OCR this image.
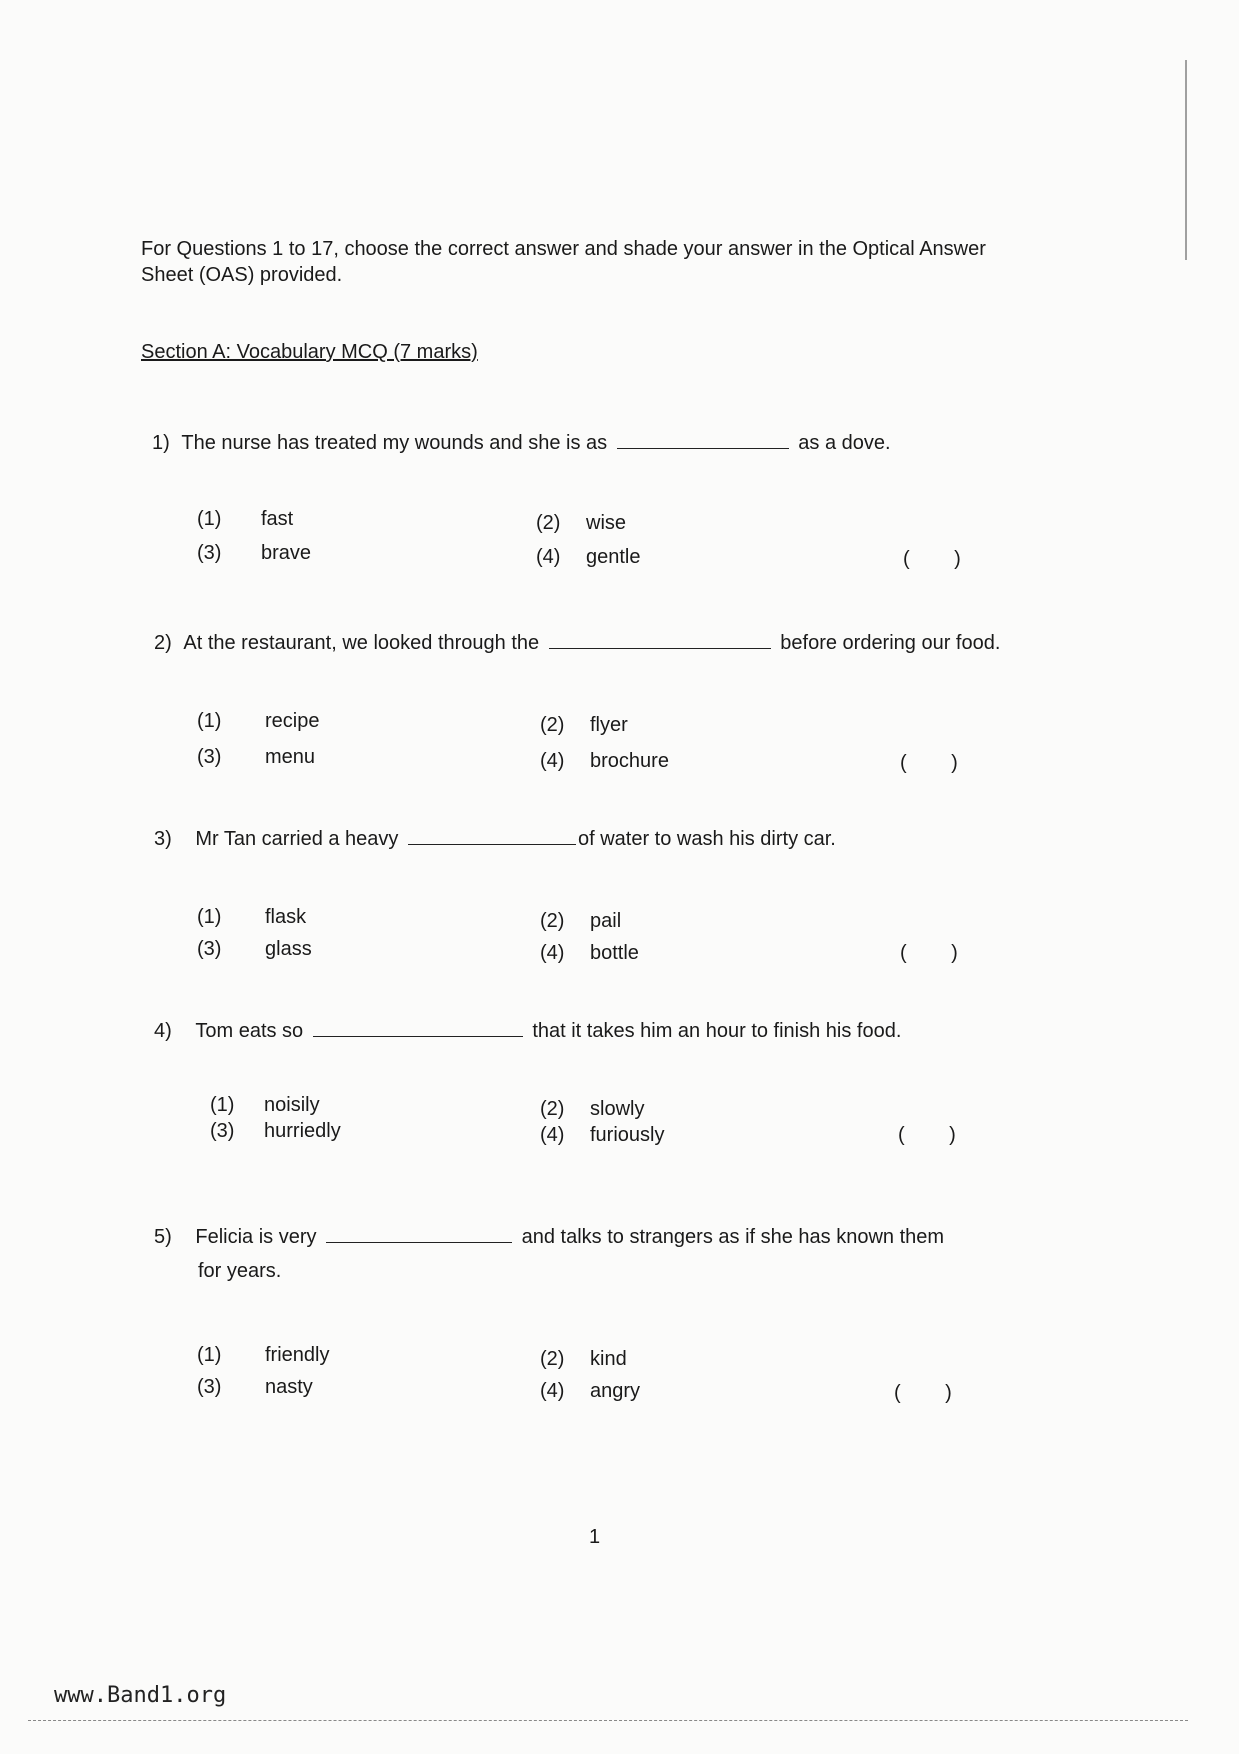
For Questions 1 to 17, choose the correct answer and shade your answer in the Optical Answer Sheet (OAS) provided.
Section A: Vocabulary MCQ (7 marks)
1) The nurse has treated my wounds and she is as	as a dove.
(1) fast	(2) wise
(3) brave	(4) gentle	(        )
2) At the restaurant, we looked through the	before ordering our food.
(1) recipe	(2) flyer
(3) menu	(4) brochure	(        )
3) Mr Tan carried a heavy	of water to wash his dirty car.
(1) flask	(2) pail
(3) glass	(4) bottle	(        )
4) Tom eats so	that it takes him an hour to finish his food.
(1) noisily	(2) slowly
(3) hurriedly	(4) furiously	(        )
5) Felicia is very	and talks to strangers as if she has known them
for years.
(1) friendly	(2) kind
(3) nasty	(4) angry	(        )
1
www.Band1.org
